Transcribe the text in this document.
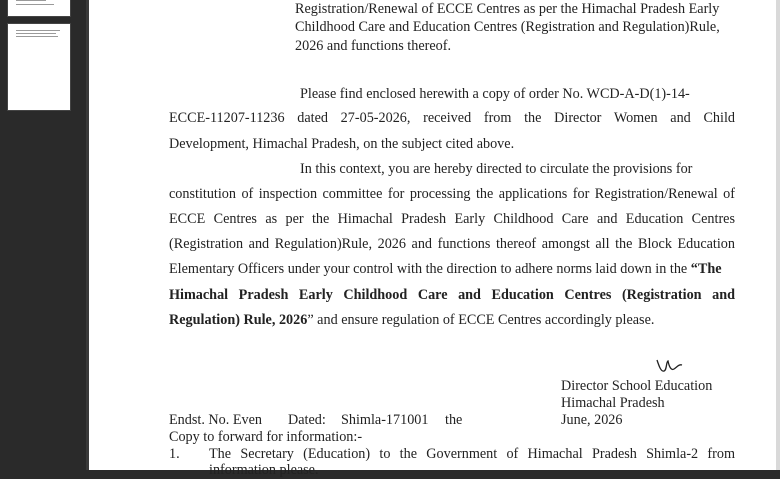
Registration/Renewal of ECCE Centres as per the Himachal Pradesh Early
Childhood Care and Education Centres (Registration and Regulation)Rule,
2026 and functions thereof.
Please find enclosed herewith a copy of order No. WCD-A-D(1)-14-
ECCE-11207-11236 dated 27-05-2026, received from the Director Women and Child
Development, Himachal Pradesh, on the subject cited above.
In this context, you are hereby directed to circulate the provisions for
constitution of inspection committee for processing the applications for Registration/Renewal of
ECCE Centres as per the Himachal Pradesh Early Childhood Care and Education Centres
(Registration and Regulation)Rule, 2026 and functions thereof amongst all the Block Education
Elementary Officers under your control with the direction to adhere norms laid down in the “The
Himachal Pradesh Early Childhood Care and Education Centres (Registration and
Regulation) Rule, 2026” and ensure regulation of ECCE Centres accordingly please.
Director School Education
Himachal Pradesh
June, 2026
Endst. No. Even Dated: Shimla-171001 the
Copy to forward for information:-
1. The Secretary (Education) to the Government of Himachal Pradesh Shimla-2 from
information please.
